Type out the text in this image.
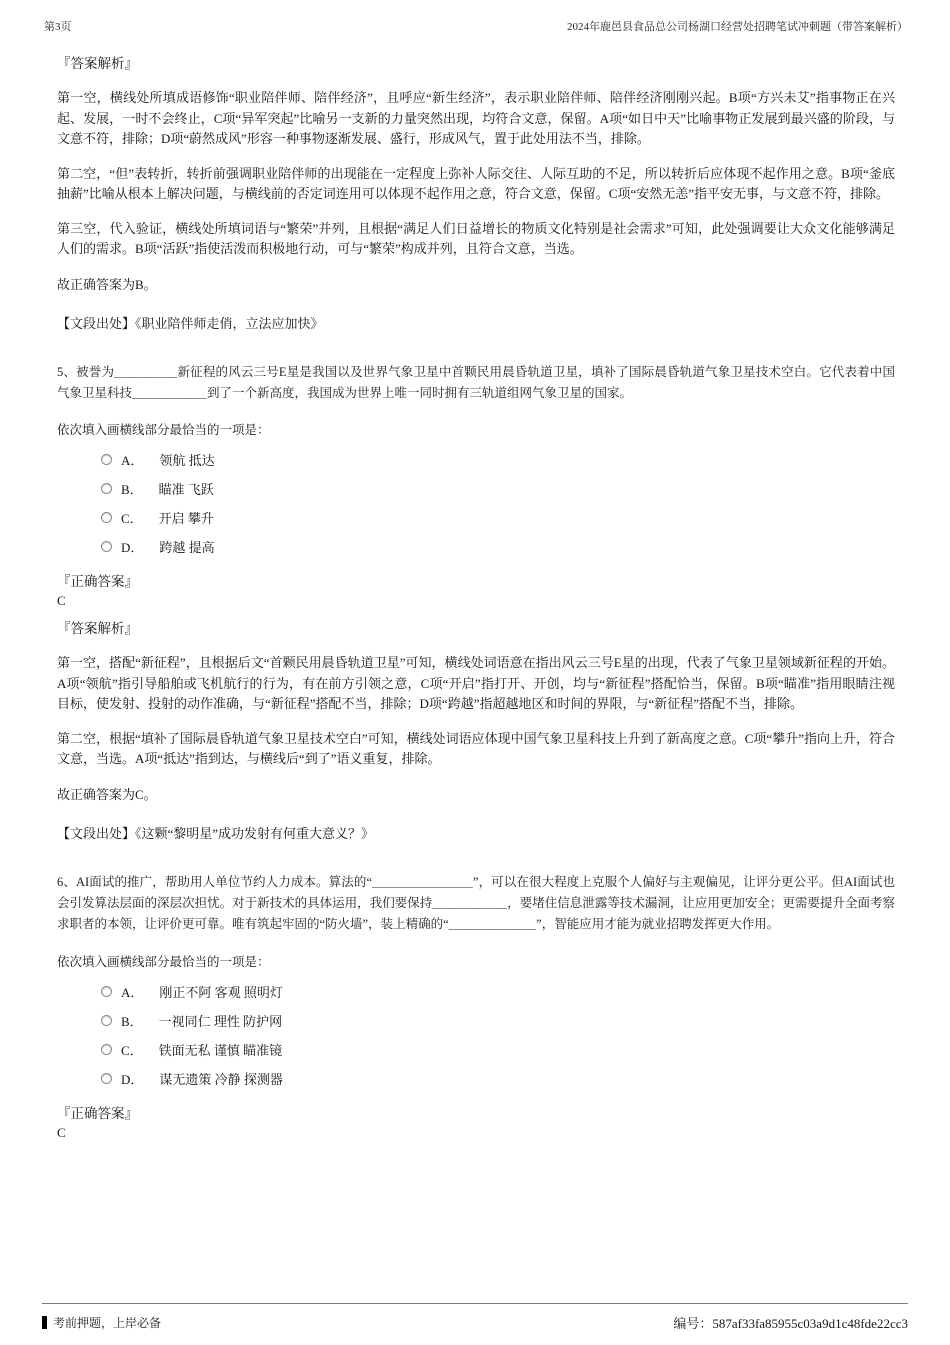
第3页	2024年鹿邑县食品总公司杨湖口经营处招聘笔试冲刺题（带答案解析）
『答案解析』

第一空，横线处所填成语修饰“职业陪伴师、陪伴经济”，且呼应“新生经济”，表示职业陪伴师、陪伴经济刚刚兴起。B项“方兴未艾”指事物正在兴起、发展，一时不会终止，C项“异军突起”比喻另一支新的力量突然出现，均符合文意，保留。A项“如日中天”比喻事物正发展到最兴盛的阶段，与文意不符，排除；D项“蔚然成风”形容一种事物逐渐发展、盛行，形成风气，置于此处用法不当，排除。

第二空，“但”表转折，转折前强调职业陪伴师的出现能在一定程度上弥补人际交往、人际互助的不足，所以转折后应体现不起作用之意。B项“釜底抽薪”比喻从根本上解决问题，与横线前的否定词连用可以体现不起作用之意，符合文意，保留。C项“安然无恙”指平安无事，与文意不符，排除。

第三空，代入验证，横线处所填词语与“繁荣”并列，且根据“满足人们日益增长的物质文化特别是社会需求”可知，此处强调要让大众文化能够满足人们的需求。B项“活跃”指使活泼而积极地行动，可与“繁荣”构成并列，且符合文意，当选。

故正确答案为B。

【文段出处】《职业陪伴师走俏，立法应加快》

5、被誉为＿＿＿＿＿新征程的风云三号E星是我国以及世界气象卫星中首颗民用晨昏轨道卫星，填补了国际晨昏轨道气象卫星技术空白。它代表着中国气象卫星科技＿＿＿＿＿＿到了一个新高度，我国成为世界上唯一同时拥有三轨道组网气象卫星的国家。

依次填入画横线部分最恰当的一项是：

A． 领航 抵达
B． 瞄准 飞跃
C． 开启 攀升
D． 跨越 提高
『正确答案』
C
『答案解析』

第一空，搭配“新征程”，且根据后文“首颗民用晨昏轨道卫星”可知，横线处词语意在指出风云三号E星的出现，代表了气象卫星领域新征程的开始。A项“领航”指引导船舶或飞机航行的行为，有在前方引领之意，C项“开启”指打开、开创，均与“新征程”搭配恰当，保留。B项“瞄准”指用眼睛注视目标，使发射、投射的动作准确，与“新征程”搭配不当，排除；D项“跨越”指超越地区和时间的界限，与“新征程”搭配不当，排除。

第二空，根据“填补了国际晨昏轨道气象卫星技术空白”可知，横线处词语应体现中国气象卫星科技上升到了新高度之意。C项“攀升”指向上升，符合文意，当选。A项“抵达”指到达，与横线后“到了”语义重复，排除。

故正确答案为C。

【文段出处】《这颗“黎明星”成功发射有何重大意义？》

6、AI面试的推广，帮助用人单位节约人力成本。算法的“＿＿＿＿＿＿＿＿”，可以在很大程度上克服个人偏好与主观偏见，让评分更公平。但AI面试也会引发算法层面的深层次担忧。对于新技术的具体运用，我们要保持＿＿＿＿＿＿，要堵住信息泄露等技术漏洞，让应用更加安全；更需要提升全面考察求职者的本领，让评价更可靠。唯有筑起牢固的“防火墙”，装上精确的“＿＿＿＿＿＿＿”，智能应用才能为就业招聘发挥更大作用。

依次填入画横线部分最恰当的一项是：

A． 刚正不阿 客观 照明灯
B． 一视同仁 理性 防护网
C． 铁面无私 谨慎 瞄准镜
D． 谋无遗策 冷静 探测器
『正确答案』
C
考前押题，上岸必备	编号：587af33fa85955c03a9d1c48fde22cc3
